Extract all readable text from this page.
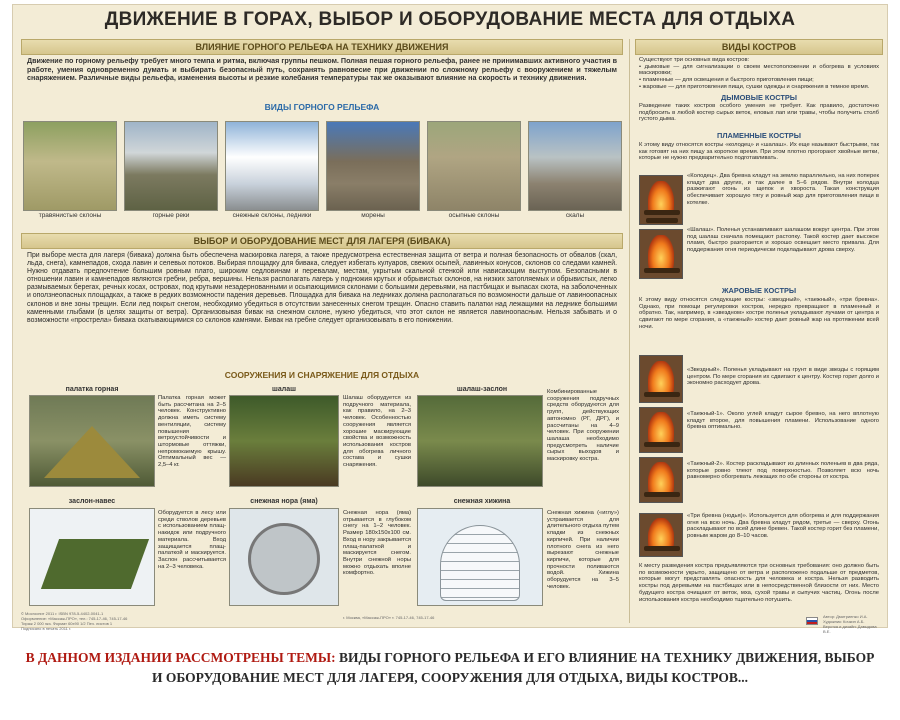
ДВИЖЕНИЕ В ГОРАХ, ВЫБОР И ОБОРУДОВАНИЕ МЕСТА ДЛЯ ОТДЫХА
ВЛИЯНИЕ ГОРНОГО РЕЛЬЕФА НА ТЕХНИКУ ДВИЖЕНИЯ
Движение по горному рельефу требует много темпа и ритма, включая группы пешком. Полная пешая горного рельефа, ранее не принимавших активного участия в работе, умения одновременно думать и выбирать безопасный путь, сохранять равновесие при движении по сложному рельефу с вооружением и тяжелым снаряжением. Различные виды рельефа, изменения высоты и резкие колебания температуры так же оказывают влияние на скорость и технику движения.
ВИДЫ ГОРНОГО РЕЛЬЕФА
травянистые склоны	горные реки	снежные склоны, ледники	морены	осыпные склоны	скалы
ВЫБОР И ОБОРУДОВАНИЕ МЕСТ ДЛЯ ЛАГЕРЯ (БИВАКА)
При выборе места для лагеря (бивака) должна быть обеспечена маскировка лагеря, а также предусмотрена естественная защита от ветра и полная безопасность от обвалов (скал, льда, снега), камнепадов, схода лавин и селевых потоков. Выбирая площадку для бивака, следует избегать кулуаров, свежих осыпей, лавинных конусов, склонов со следами камней. Нужно отдавать предпочтение большим ровным плато, широким седловинам и перевалам, местам, укрытым скальной стенкой или нависающим выступом. Безопасными в отношении лавин и камнепадов являются гребни, ребра, вершины. Нельзя располагать лагерь у подножия крутых и обрывистых склонов, на низких затопляемых и обрывистых, легко размываемых берегах, речных косах, островах, под крутыми незадернованными и осыпающимися склонами с большими деревьями, на пастбищах и выпасах скота, на заболоченных и оползнеопасных площадках, а также в редких возможности падения деревьев. Площадка для бивака на ледниках должна располагаться по возможности дальше от лавиноопасных склонов и вне зоны трещин. Если лед покрыт снегом, необходимо убедиться в отсутствии занесенных снегом трещин. Опасно ставить палатки над лежащими на леднике большими каменными глыбами (в целях защиты от ветра). Организовывая бивак на снежном склоне, нужно убедиться, что этот склон не является лавиноопасным. Нельзя забывать и о возможности «прострела» бивака скатывающимися со склонов камнями. Бивак на гребне следует организовывать в его понижении.
СООРУЖЕНИЯ И СНАРЯЖЕНИЕ ДЛЯ ОТДЫХА
палатка горная
Палатка горная может быть рассчитана на 2–5 человек. Конструктивно должна иметь систему вентиляции, систему повышения ветроустойчивости и штормовые оттяжки, непромокаемую крышу. Оптимальный вес — 2,5–4 кг.
шалаш
Шалаш оборудуется из подручного материала, как правило, на 2–3 человек. Особенностью сооружения является хорошие маскирующие свойства и возможность использования костров для обогрева личного состава и сушки снаряжения.
шалаш-заслон	Комбинированные сооружения подручных средств оборудуются для групп, действующих автономно (РГ, ДРГ), и рассчитаны на 4–9 человек. При сооружении шалаша необходимо предусмотреть наличие сырых выходов и маскировку костра.
заслон-навес
Оборудуется в лесу или среди стволов деревьев с использованием плащ-накидок или подручного материала. Вход защищается плащ-палаткой и маскируется. Заслон рассчитывается на 2–3 человека.
снежная нора (яма)
Снежная нора (яма) отрывается в глубоком снегу на 1–2 человек. Размер 180х150х100 см. Вход в нору закрывается плащ-палаткой и маскируется снегом. Внутри снежной норы можно отдыхать вполне комфортно.
снежная хижина
Снежная хижина («иглу») устраивается для длительного отдыха путем кладки из снежных кирпичей. При наличии плотного снега из него вырезают снежные кирпичи, которые для прочности поливаются водой. Хижина оборудуется на 3–5 человек.
© Мосгоспит 2011 г. ISBN 978-5-4402-0041-1
Оформление: «Массаж-ПРО», тел.: 745-17-46, 745-17-46
Тираж 2 000 экз. Формат 60х90 1/2 Печ. листов 1
Подписано в печать 2011 г.
г. Москва, «Массаж-ПРО» т. 745-17-46, 745-17-46
ВИДЫ КОСТРОВ
Существуют три основных вида костров:
• дымовые — для сигнализации о своем местоположении и обогрева в условиях маскировки;
• пламенные — для освещения и быстрого приготовления пищи;
• жаровые — для приготовления пищи, сушки одежды и снаряжения в темное время.
ДЫМОВЫЕ КОСТРЫ
Разведение таких костров особого умения не требует. Как правило, достаточно подбросить в любой костер сырых веток, еловых лап или травы, чтобы получить столб густого дыма.
ПЛАМЕННЫЕ КОСТРЫ
К этому виду относятся костры «колодец» и «шалаш». Их еще называют быстрыми, так как готовят на них пищу за короткое время. При этом плотно прогорают хвойные ветки, которые не нужно предварительно подготавливать.
«Колодец». Два бревна кладут на землю параллельно, на них поперек кладут два других, и так далее в 5–6 рядов. Внутри колодца разжигают огонь из щепок и хвороста. Такая конструкция обеспечивает хорошую тягу и ровный жар для приготовления пищи в котелке.
«Шалаш». Поленья устанавливают шалашом вокруг центра. При этом под шалаш сначала помещают растопку. Такой костер дает высокое пламя, быстро разгорается и хорошо освещает место привала. Для поддержания огня периодически подкладывают дрова сверху.
ЖАРОВЫЕ КОСТРЫ
К этому виду относятся следующие костры: «звездный», «таежный», «три бревна». Однако, при помощи регулировки костров, нередко превращают в пламенный и обратно. Так, например, в «звездном» костре поленья укладывают лучами от центра и сдвигают по мере сгорания, а «таежный» костер дает ровный жар на протяжении всей ночи.
«Звездный». Поленья укладывают на грунт в виде звезды с горящим центром. По мере сгорания их сдвигают к центру. Костер горит долго и экономно расходует дрова.
«Таежный-1». Около углей кладут сырое бревно, на него вплотную кладут второе, для повышения пламени. Использование одного бревна оптимально.
«Таежный-2». Костер раскладывают из длинных поленьев в два ряда, которые ровно тлеют под поверхностью. Позволяет всю ночь равномерно обогревать лежащих по обе стороны от костра.
«Три бревна (нодья)». Используется для обогрева и для поддержания огня на всю ночь. Два бревна кладут рядом, третье — сверху. Огонь раскладывают по всей длине бревен. Такой костер горит без пламени, ровным жаром до 8–10 часов.
К месту разведения костра предъявляются три основных требования: оно должно быть по возможности укрыто, защищено от ветра и расположено подальше от предметов, которые могут представлять опасность для человека и костра. Нельзя разводить костры под деревьями на пастбищах или в непосредственной близости от них. Место будущего костра очищают от веток, мха, сухой травы и сыпучих частиц. Огонь после использования костра необходимо тщательно потушить.
Автор: Дмитриенко И.А.
Художник: Кочкин А.Б.
Верстка и дизайн: Давыдова В.Е.
В ДАННОМ ИЗДАНИИ РАССМОТРЕНЫ ТЕМЫ: ВИДЫ ГОРНОГО РЕЛЬЕФА И ЕГО ВЛИЯНИЕ НА ТЕХНИКУ ДВИЖЕНИЯ, ВЫБОР
И ОБОРУДОВАНИЕ МЕСТ ДЛЯ ЛАГЕРЯ, СООРУЖЕНИЯ ДЛЯ ОТДЫХА, ВИДЫ КОСТРОВ...
